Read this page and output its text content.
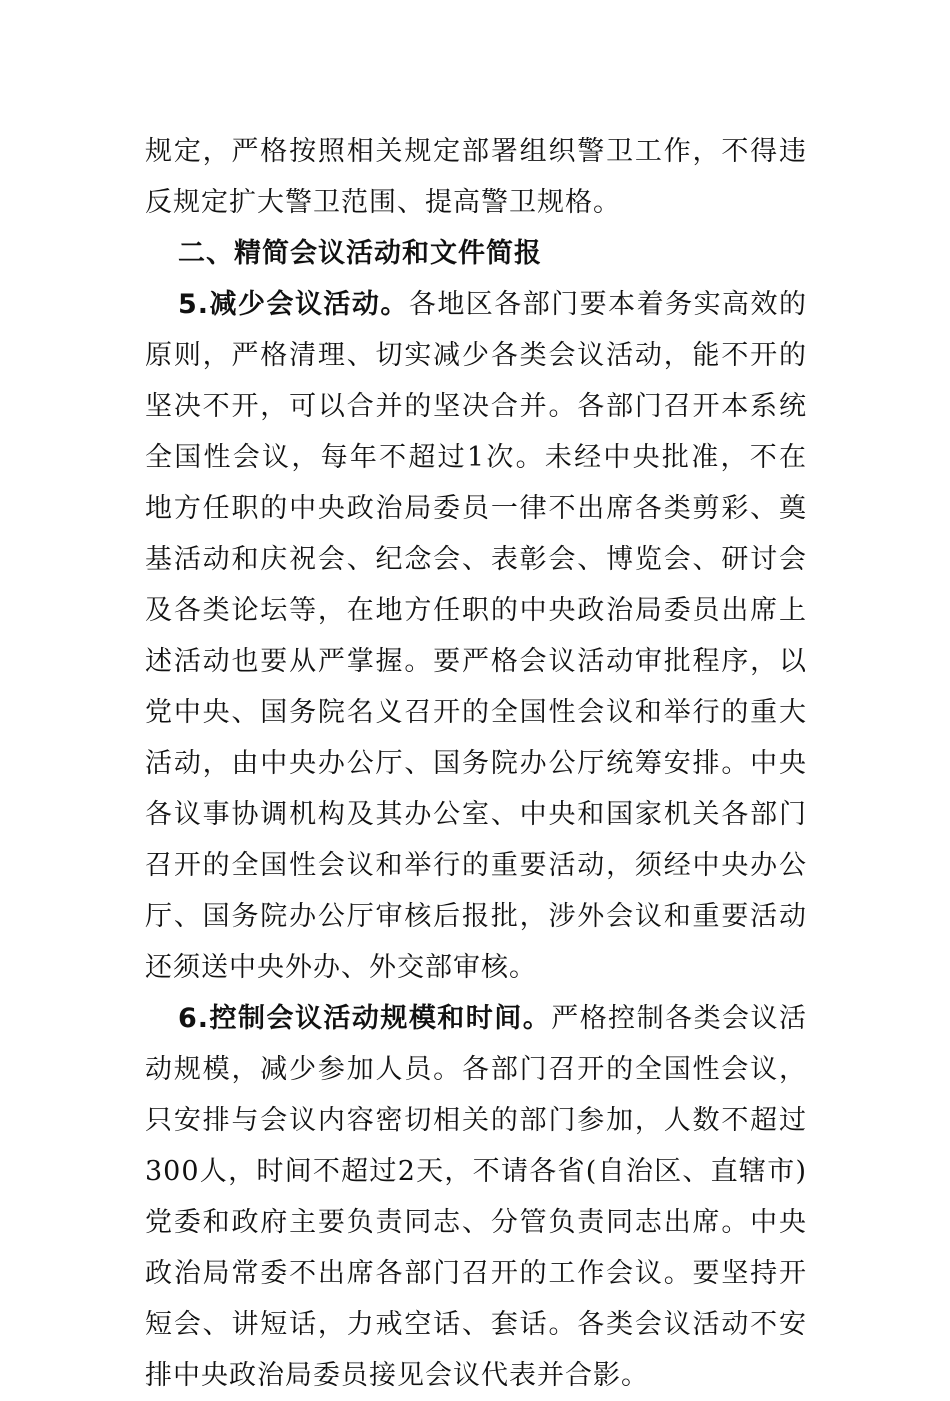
规定，严格按照相关规定部署组织警卫工作，不得违反规定扩大警卫范围、提高警卫规格。

二、精简会议活动和文件简报

5.减少会议活动。各地区各部门要本着务实高效的原则，严格清理、切实减少各类会议活动，能不开的坚决不开，可以合并的坚决合并。各部门召开本系统全国性会议，每年不超过1次。未经中央批准，不在地方任职的中央政治局委员一律不出席各类剪彩、奠基活动和庆祝会、纪念会、表彰会、博览会、研讨会及各类论坛等，在地方任职的中央政治局委员出席上述活动也要从严掌握。要严格会议活动审批程序，以党中央、国务院名义召开的全国性会议和举行的重大活动，由中央办公厅、国务院办公厅统筹安排。中央各议事协调机构及其办公室、中央和国家机关各部门召开的全国性会议和举行的重要活动，须经中央办公厅、国务院办公厅审核后报批，涉外会议和重要活动还须送中央外办、外交部审核。

6.控制会议活动规模和时间。严格控制各类会议活动规模，减少参加人员。各部门召开的全国性会议，只安排与会议内容密切相关的部门参加，人数不超过300人，时间不超过2天，不请各省(自治区、直辖市)党委和政府主要负责同志、分管负责同志出席。中央政治局常委不出席各部门召开的工作会议。要坚持开短会、讲短话，力戒空话、套话。各类会议活动不安排中央政治局委员接见会议代表并合影。
